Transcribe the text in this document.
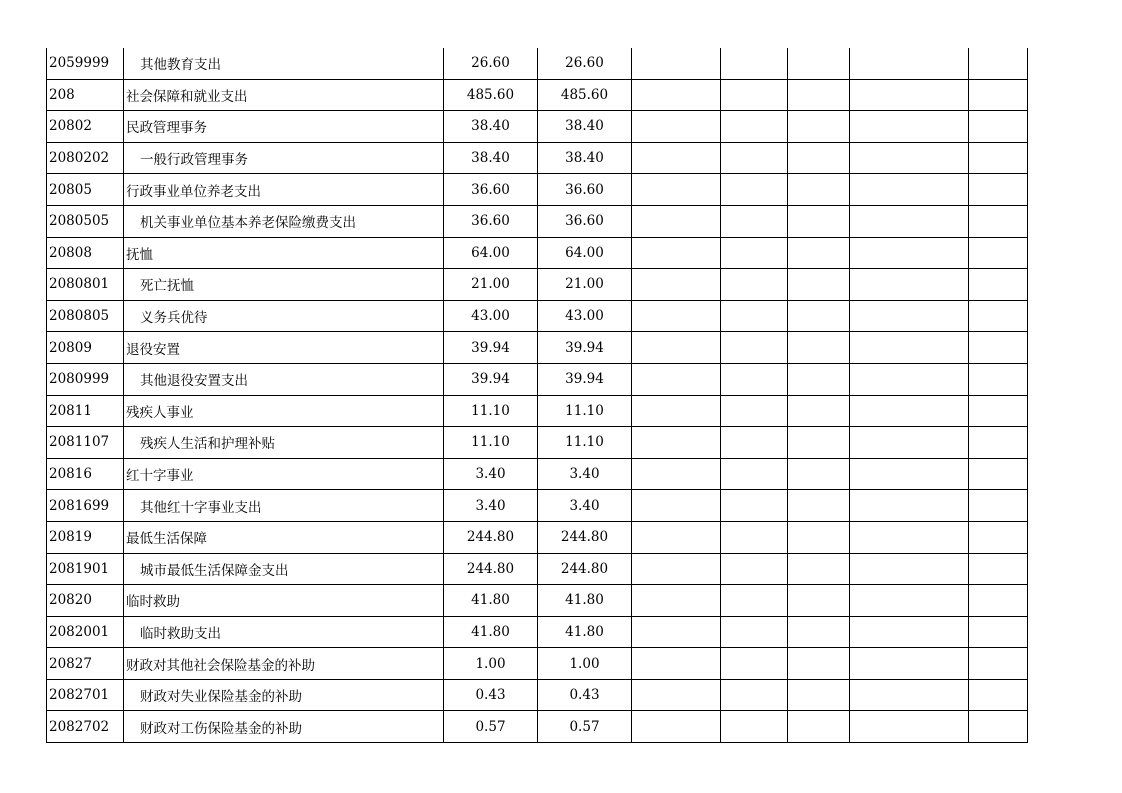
2059999	其他教育支出	26.60	26.60					
208	社会保障和就业支出	485.60	485.60					
20802	民政管理事务	38.40	38.40					
2080202	一般行政管理事务	38.40	38.40					
20805	行政事业单位养老支出	36.60	36.60					
2080505	机关事业单位基本养老保险缴费支出	36.60	36.60					
20808	抚恤	64.00	64.00					
2080801	死亡抚恤	21.00	21.00					
2080805	义务兵优待	43.00	43.00					
20809	退役安置	39.94	39.94					
2080999	其他退役安置支出	39.94	39.94					
20811	残疾人事业	11.10	11.10					
2081107	残疾人生活和护理补贴	11.10	11.10					
20816	红十字事业	3.40	3.40					
2081699	其他红十字事业支出	3.40	3.40					
20819	最低生活保障	244.80	244.80					
2081901	城市最低生活保障金支出	244.80	244.80					
20820	临时救助	41.80	41.80					
2082001	临时救助支出	41.80	41.80					
20827	财政对其他社会保险基金的补助	1.00	1.00					
2082701	财政对失业保险基金的补助	0.43	0.43					
2082702	财政对工伤保险基金的补助	0.57	0.57					
